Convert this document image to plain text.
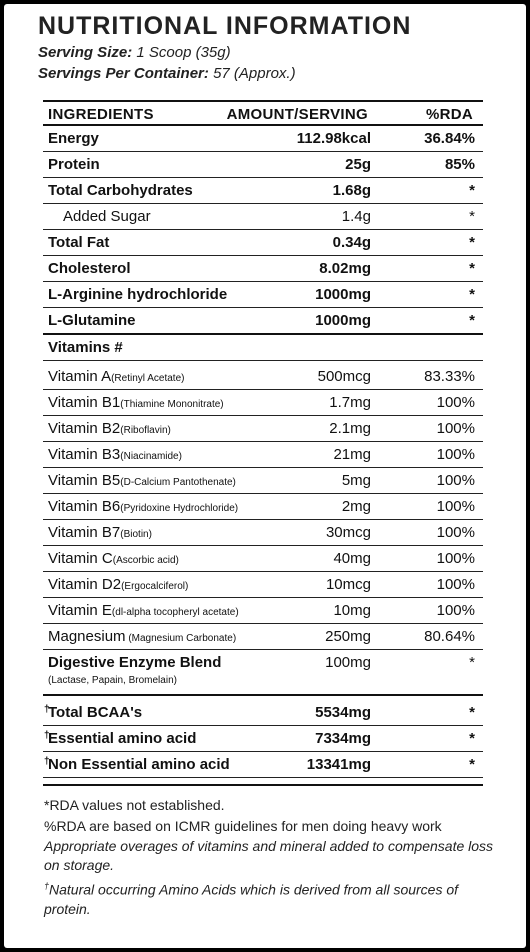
NUTRITIONAL INFORMATION
Serving Size: 1 Scoop (35g)
Servings Per Container: 57 (Approx.)
INGREDIENTS	AMOUNT/SERVING	%RDA
Energy	112.98kcal	36.84%
Protein	25g	85%
Total Carbohydrates	1.68g	*
Added Sugar	1.4g	*
Total Fat	0.34g	*
Cholesterol	8.02mg	*
L-Arginine hydrochloride	1000mg	*
L-Glutamine	1000mg	*
Vitamins #
Vitamin A(Retinyl Acetate)	500mcg	83.33%
Vitamin B1(Thiamine Mononitrate)	1.7mg	100%
Vitamin B2(Riboflavin)	2.1mg	100%
Vitamin B3(Niacinamide)	21mg	100%
Vitamin B5(D-Calcium Pantothenate)	5mg	100%
Vitamin B6(Pyridoxine Hydrochloride)	2mg	100%
Vitamin B7(Biotin)	30mcg	100%
Vitamin C(Ascorbic acid)	40mg	100%
Vitamin D2(Ergocalciferol)	10mcg	100%
Vitamin E(dl-alpha tocopheryl acetate)	10mg	100%
Magnesium (Magnesium Carbonate)	250mg	80.64%
Digestive Enzyme Blend
(Lactase, Papain, Bromelain)
100mg	*
†
Total BCAA's	5534mg	*
†
Essential amino acid	7334mg	*
†
Non Essential amino acid	13341mg	*
*RDA values not established.
%RDA are based on ICMR guidelines for men doing heavy work
Appropriate overages of vitamins and mineral added to compensate loss on storage.
†Natural occurring Amino Acids which is derived from all sources of protein.
